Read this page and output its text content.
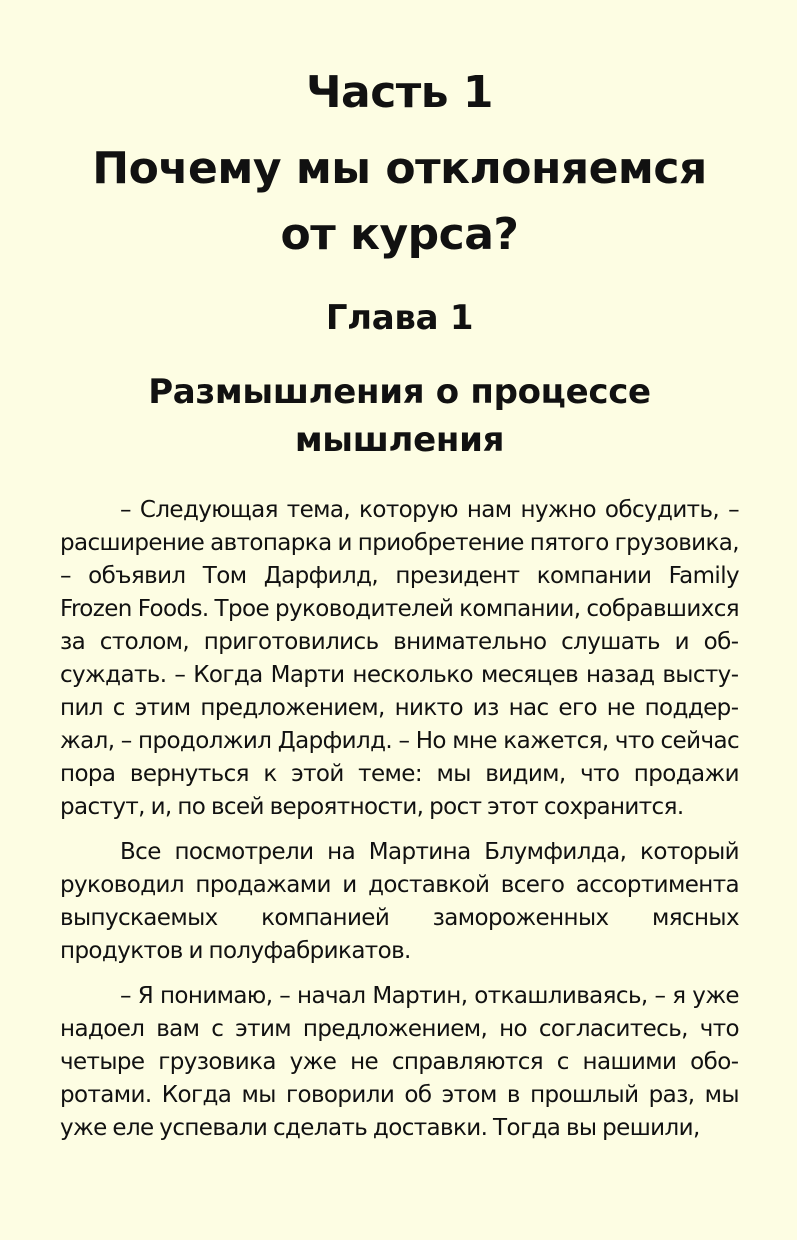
Часть 1
Почему мы отклоняемся от курса?
Глава 1
Размышления о процессе мышления

– Следующая тема, которую нам нужно обсудить, – расширение автопарка и приобретение пятого грузовика, – объявил Том Дарфилд, президент компании Family Frozen Foods. Трое руководителей компании, собравшихся за столом, приготовились внимательно слушать и обсуждать. – Когда Марти несколько месяцев назад выступил с этим предложением, никто из нас его не поддержал, – продолжил Дарфилд. – Но мне кажется, что сейчас пора вернуться к этой теме: мы видим, что продажи растут, и, по всей вероятности, рост этот сохранится.

Все посмотрели на Мартина Блумфилда, который руководил продажами и доставкой всего ассортимента выпускаемых компанией замороженных мясных продуктов и полуфабрикатов.

– Я понимаю, – начал Мартин, откашливаясь, – я уже надоел вам с этим предложением, но согласитесь, что четыре грузовика уже не справляются с нашими оборотами. Когда мы говорили об этом в прошлый раз, мы уже еле успевали сделать доставки. Тогда вы решили,
